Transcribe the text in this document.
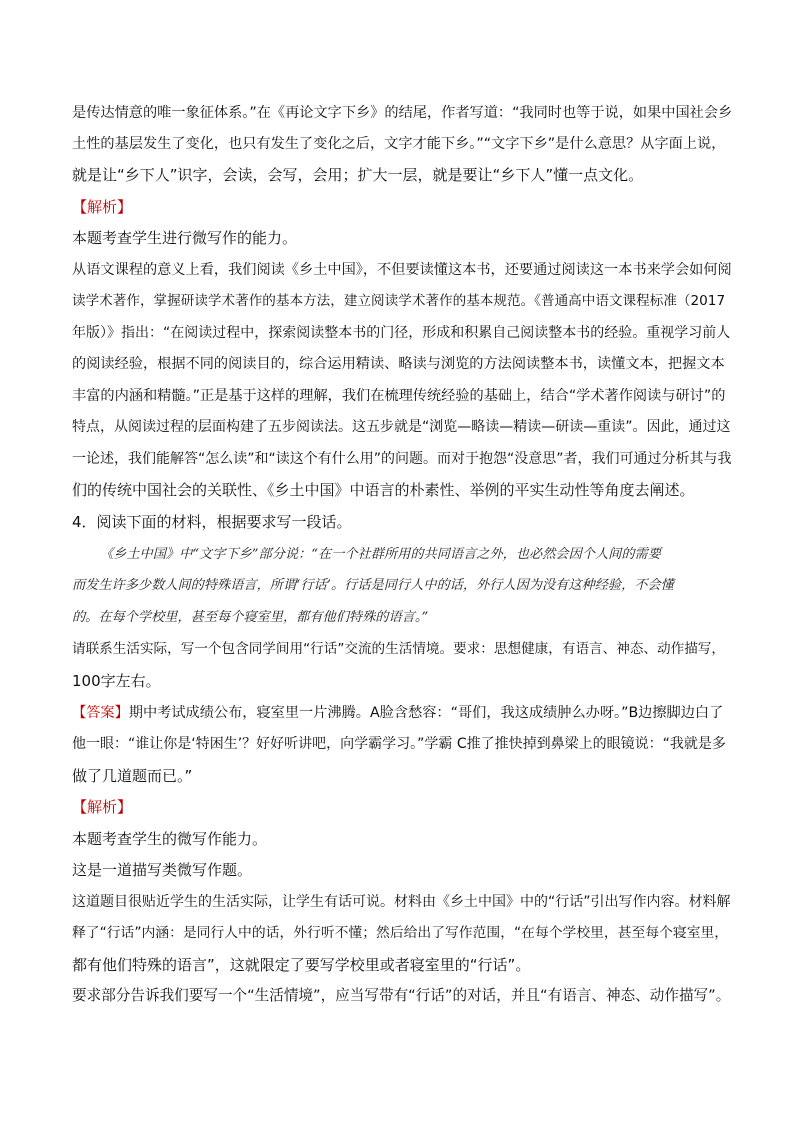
是传达情意的唯一象征体系。”在《再论文字下乡》的结尾，作者写道：“我同时也等于说，如果中国社会乡
土性的基层发生了变化，也只有发生了变化之后，文字才能下乡。”“文字下乡”是什么意思？从字面上说，
就是让“乡下人”识字，会读，会写，会用；扩大一层，就是要让“乡下人”懂一点文化。
【解析】
本题考查学生进行微写作的能力。
从语文课程的意义上看，我们阅读《乡土中国》，不但要读懂这本书，还要通过阅读这一本书来学会如何阅
读学术著作，掌握研读学术著作的基本方法，建立阅读学术著作的基本规范。《普通高中语文课程标准（2017
年版）》指出：“在阅读过程中，探索阅读整本书的门径，形成和积累自己阅读整本书的经验。重视学习前人
的阅读经验，根据不同的阅读目的，综合运用精读、略读与浏览的方法阅读整本书，读懂文本，把握文本
丰富的内涵和精髓。”正是基于这样的理解，我们在梳理传统经验的基础上，结合“学术著作阅读与研讨”的
特点，从阅读过程的层面构建了五步阅读法。这五步就是“浏览—略读—精读—研读—重读”。因此，通过这
一论述，我们能解答“怎么读”和“读这个有什么用”的问题。而对于抱怨“没意思”者，我们可通过分析其与我
们的传统中国社会的关联性、《乡土中国》中语言的朴素性、举例的平实生动性等角度去阐述。
4．阅读下面的材料，根据要求写一段话。
《乡土中国》中“文字下乡”部分说：“在一个社群所用的共同语言之外，也必然会因个人间的需要
而发生许多少数人间的特殊语言，所谓‘行话’。行话是同行人中的话，外行人因为没有这种经验，不会懂
的。在每个学校里，甚至每个寝室里，都有他们特殊的语言。”
请联系生活实际，写一个包含同学间用“行话”交流的生活情境。要求：思想健康，有语言、神态、动作描写，
100字左右。
【答案】期中考试成绩公布，寝室里一片沸腾。A脸含愁容：“哥们，我这成绩肿么办呀。”B边擦脚边白了
他一眼：“谁让你是‘特困生’？好好听讲吧，向学霸学习。”学霸 C推了推快掉到鼻梁上的眼镜说：“我就是多
做了几道题而已。”
【解析】
本题考查学生的微写作能力。
这是一道描写类微写作题。
这道题目很贴近学生的生活实际，让学生有话可说。材料由《乡土中国》中的“行话”引出写作内容。材料解
释了“行话”内涵：是同行人中的话，外行听不懂；然后给出了写作范围，“在每个学校里，甚至每个寝室里，
都有他们特殊的语言”，这就限定了要写学校里或者寝室里的“行话”。
要求部分告诉我们要写一个“生活情境”，应当写带有“行话”的对话，并且“有语言、神态、动作描写”。
